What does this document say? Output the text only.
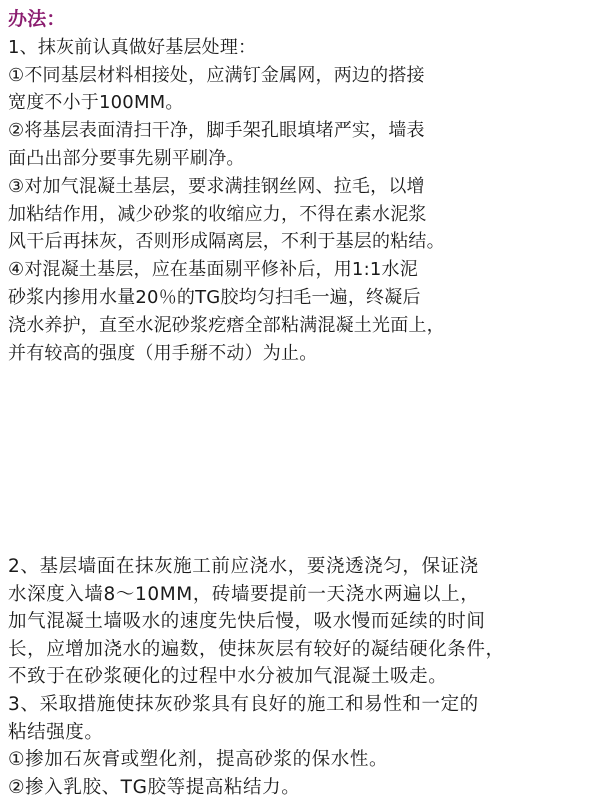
办法：
1、抹灰前认真做好基层处理：
①不同基层材料相接处，应满钉金属网，两边的搭接
宽度不小于100MM。
②将基层表面清扫干净，脚手架孔眼填堵严实，墙表
面凸出部分要事先剔平刷净。
③对加气混凝土基层，要求满挂钢丝网、拉毛，以增
加粘结作用，减少砂浆的收缩应力，不得在素水泥浆
风干后再抹灰，否则形成隔离层，不利于基层的粘结。
④对混凝土基层，应在基面剔平修补后，用1:1水泥
砂浆内掺用水量20％的TG胶均匀扫毛一遍，终凝后
浇水养护，直至水泥砂浆疙瘩全部粘满混凝土光面上，
并有较高的强度（用手掰不动）为止。
2、基层墙面在抹灰施工前应浇水，要浇透浇匀，保证浇
水深度入墙8～10MM，砖墙要提前一天浇水两遍以上，
加气混凝土墙吸水的速度先快后慢，吸水慢而延续的时间
长，应增加浇水的遍数，使抹灰层有较好的凝结硬化条件，
不致于在砂浆硬化的过程中水分被加气混凝土吸走。
3、采取措施使抹灰砂浆具有良好的施工和易性和一定的
粘结强度。
①掺加石灰膏或塑化剂，提高砂浆的保水性。
②掺入乳胶、TG胶等提高粘结力。
